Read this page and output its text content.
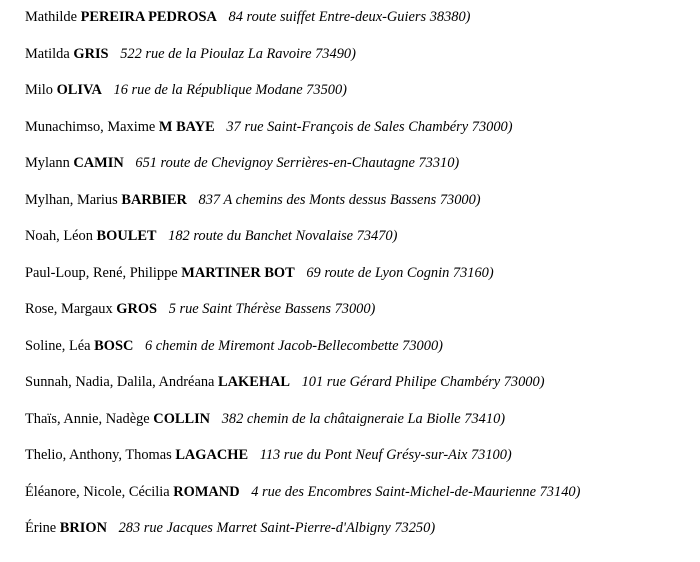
Mathilde PEREIRA PEDROSA 84 route suiffet Entre-deux-Guiers 38380)
Matilda GRIS 522 rue de la Pioulaz La Ravoire 73490)
Milo OLIVA 16 rue de la République Modane 73500)
Munachimso, Maxime M BAYE 37 rue Saint-François de Sales Chambéry 73000)
Mylann CAMIN 651 route de Chevignoy Serrières-en-Chautagne 73310)
Mylhan, Marius BARBIER 837 A chemins des Monts dessus Bassens 73000)
Noah, Léon BOULET 182 route du Banchet Novalaise 73470)
Paul-Loup, René, Philippe MARTINER BOT 69 route de Lyon Cognin 73160)
Rose, Margaux GROS 5 rue Saint Thérèse Bassens 73000)
Soline, Léa BOSC 6 chemin de Miremont Jacob-Bellecombette 73000)
Sunnah, Nadia, Dalila, Andréana LAKEHAL 101 rue Gérard Philipe Chambéry 73000)
Thaïs, Annie, Nadège COLLIN 382 chemin de la châtaigneraie La Biolle 73410)
Thelio, Anthony, Thomas LAGACHE 113 rue du Pont Neuf Grésy-sur-Aix 73100)
Éléanore, Nicole, Cécilia ROMAND 4 rue des Encombres Saint-Michel-de-Maurienne 73140)
Érine BRION 283 rue Jacques Marret Saint-Pierre-d'Albigny 73250)
